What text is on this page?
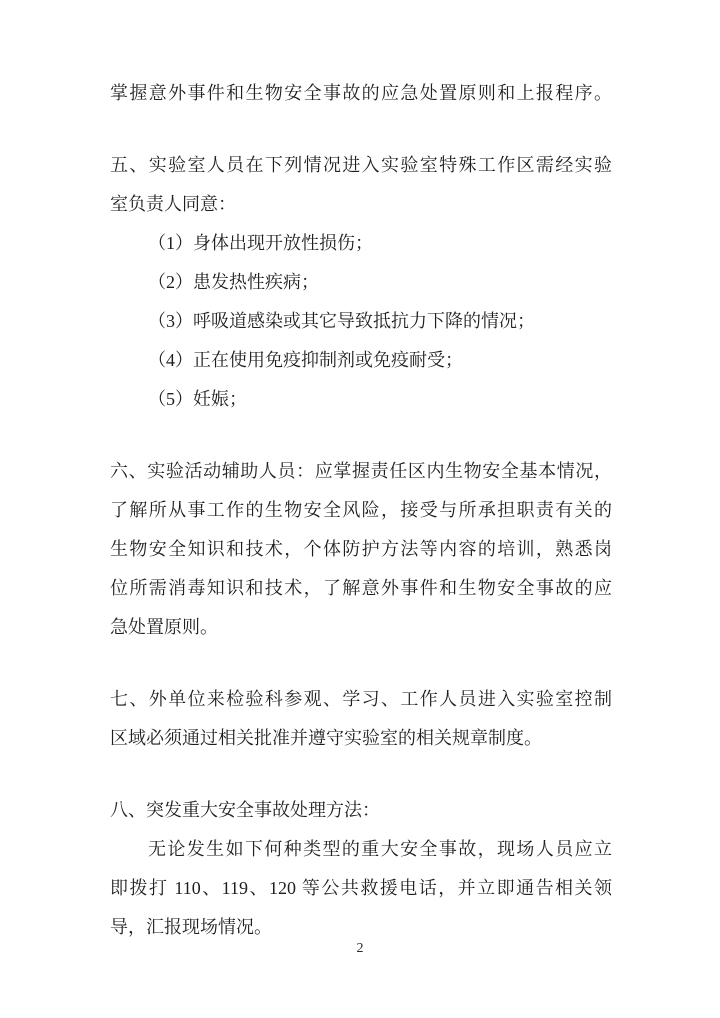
掌握意外事件和生物安全事故的应急处置原则和上报程序。
五、实验室人员在下列情况进入实验室特殊工作区需经实验
室负责人同意：
（1）身体出现开放性损伤；
（2）患发热性疾病；
（3）呼吸道感染或其它导致抵抗力下降的情况；
（4）正在使用免疫抑制剂或免疫耐受；
（5）妊娠；
六、实验活动辅助人员：应掌握责任区内生物安全基本情况，
了解所从事工作的生物安全风险，接受与所承担职责有关的
生物安全知识和技术，个体防护方法等内容的培训，熟悉岗
位所需消毒知识和技术，了解意外事件和生物安全事故的应
急处置原则。
七、外单位来检验科参观、学习、工作人员进入实验室控制
区域必须通过相关批准并遵守实验室的相关规章制度。
八、突发重大安全事故处理方法：
无论发生如下何种类型的重大安全事故，现场人员应立
即拨打 110、119、120 等公共救援电话，并立即通告相关领
导，汇报现场情况。
2
